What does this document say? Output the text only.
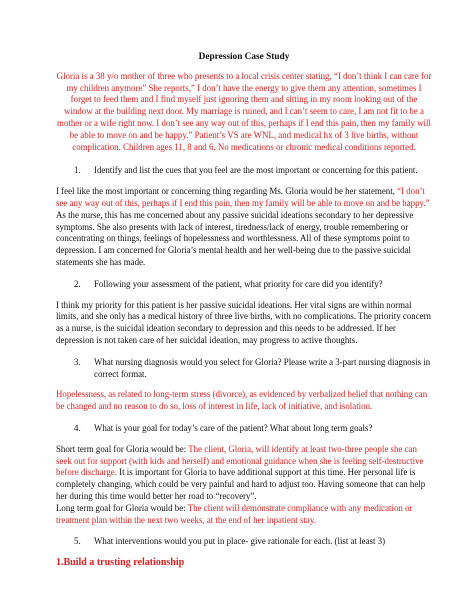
Depression Case Study

Gloria is a 38 y/o mother of three who presents to a local crisis center stating, “I don’t think I can care for my children anymore” She reports,” I don’t have the energy to give them any attention, sometimes I forget to feed them and I find myself just ignoring them and sitting in my room looking out of the window at the building next door. My marriage is ruined, and I can’t seem to care, I am not fit to be a mother or a wife right now. I don’t see any way out of this, perhaps if I end this pain, then my family will be able to move on and be happy.” Patient’s VS are WNL, and medical hx of 3 live births, without complication. Children ages 11, 8 and 6. No medications or chronic medical conditions reported.

1.	Identify and list the cues that you feel are the most important or concerning for this patient.

I feel like the most important or concerning thing regarding Ms. Gloria would be her statement, “I don’t see any way out of this, perhaps if I end this pain, then my family will be able to move on and be happy.” As the nurse, this has me concerned about any passive suicidal ideations secondary to her depressive symptoms. She also presents with lack of interest, tiredness/lack of energy, trouble remembering or concentrating on things, feelings of hopelessness and worthlessness. All of these symptoms point to depression. I am concerned for Gloria’s mental health and her well-being due to the passive suicidal statements she has made.

2.	Following your assessment of the patient, what priority for care did you identify?

I think my priority for this patient is her passive suicidal ideations. Her vital signs are within normal limits, and she only has a medical history of three live births, with no complications. The priority concern as a nurse, is the suicidal ideation secondary to depression and this needs to be addressed. If her depression is not taken care of her suicidal ideation, may progress to active thoughts.

3.	What nursing diagnosis would you select for Gloria? Please write a 3-part nursing diagnosis in correct format.

Hopelessness, as related to long-term stress (divorce), as evidenced by verbalized belief that nothing can be changed and no reason to do so, loss of interest in life, lack of initiative, and isolation.

4.	What is your goal for today’s care of the patient? What about long term goals?

Short term goal for Gloria would be: The client, Gloria, will identify at least two-three people she can seek out for support (with kids and herself) and emotional guidance when she is feeling self-destructive before discharge. It is important for Gloria to have additional support at this time. Her personal life is completely changing, which could be very painful and hard to adjust too. Having someone that can help her during this time would better her road to “recovery”.
Long term goal for Gloria would be: The client will demonstrate compliance with any medication or treatment plan within the next two weeks, at the end of her inpatient stay.

5.	What interventions would you put in place- give rationale for each. (list at least 3)
1.Build a trusting relationship
